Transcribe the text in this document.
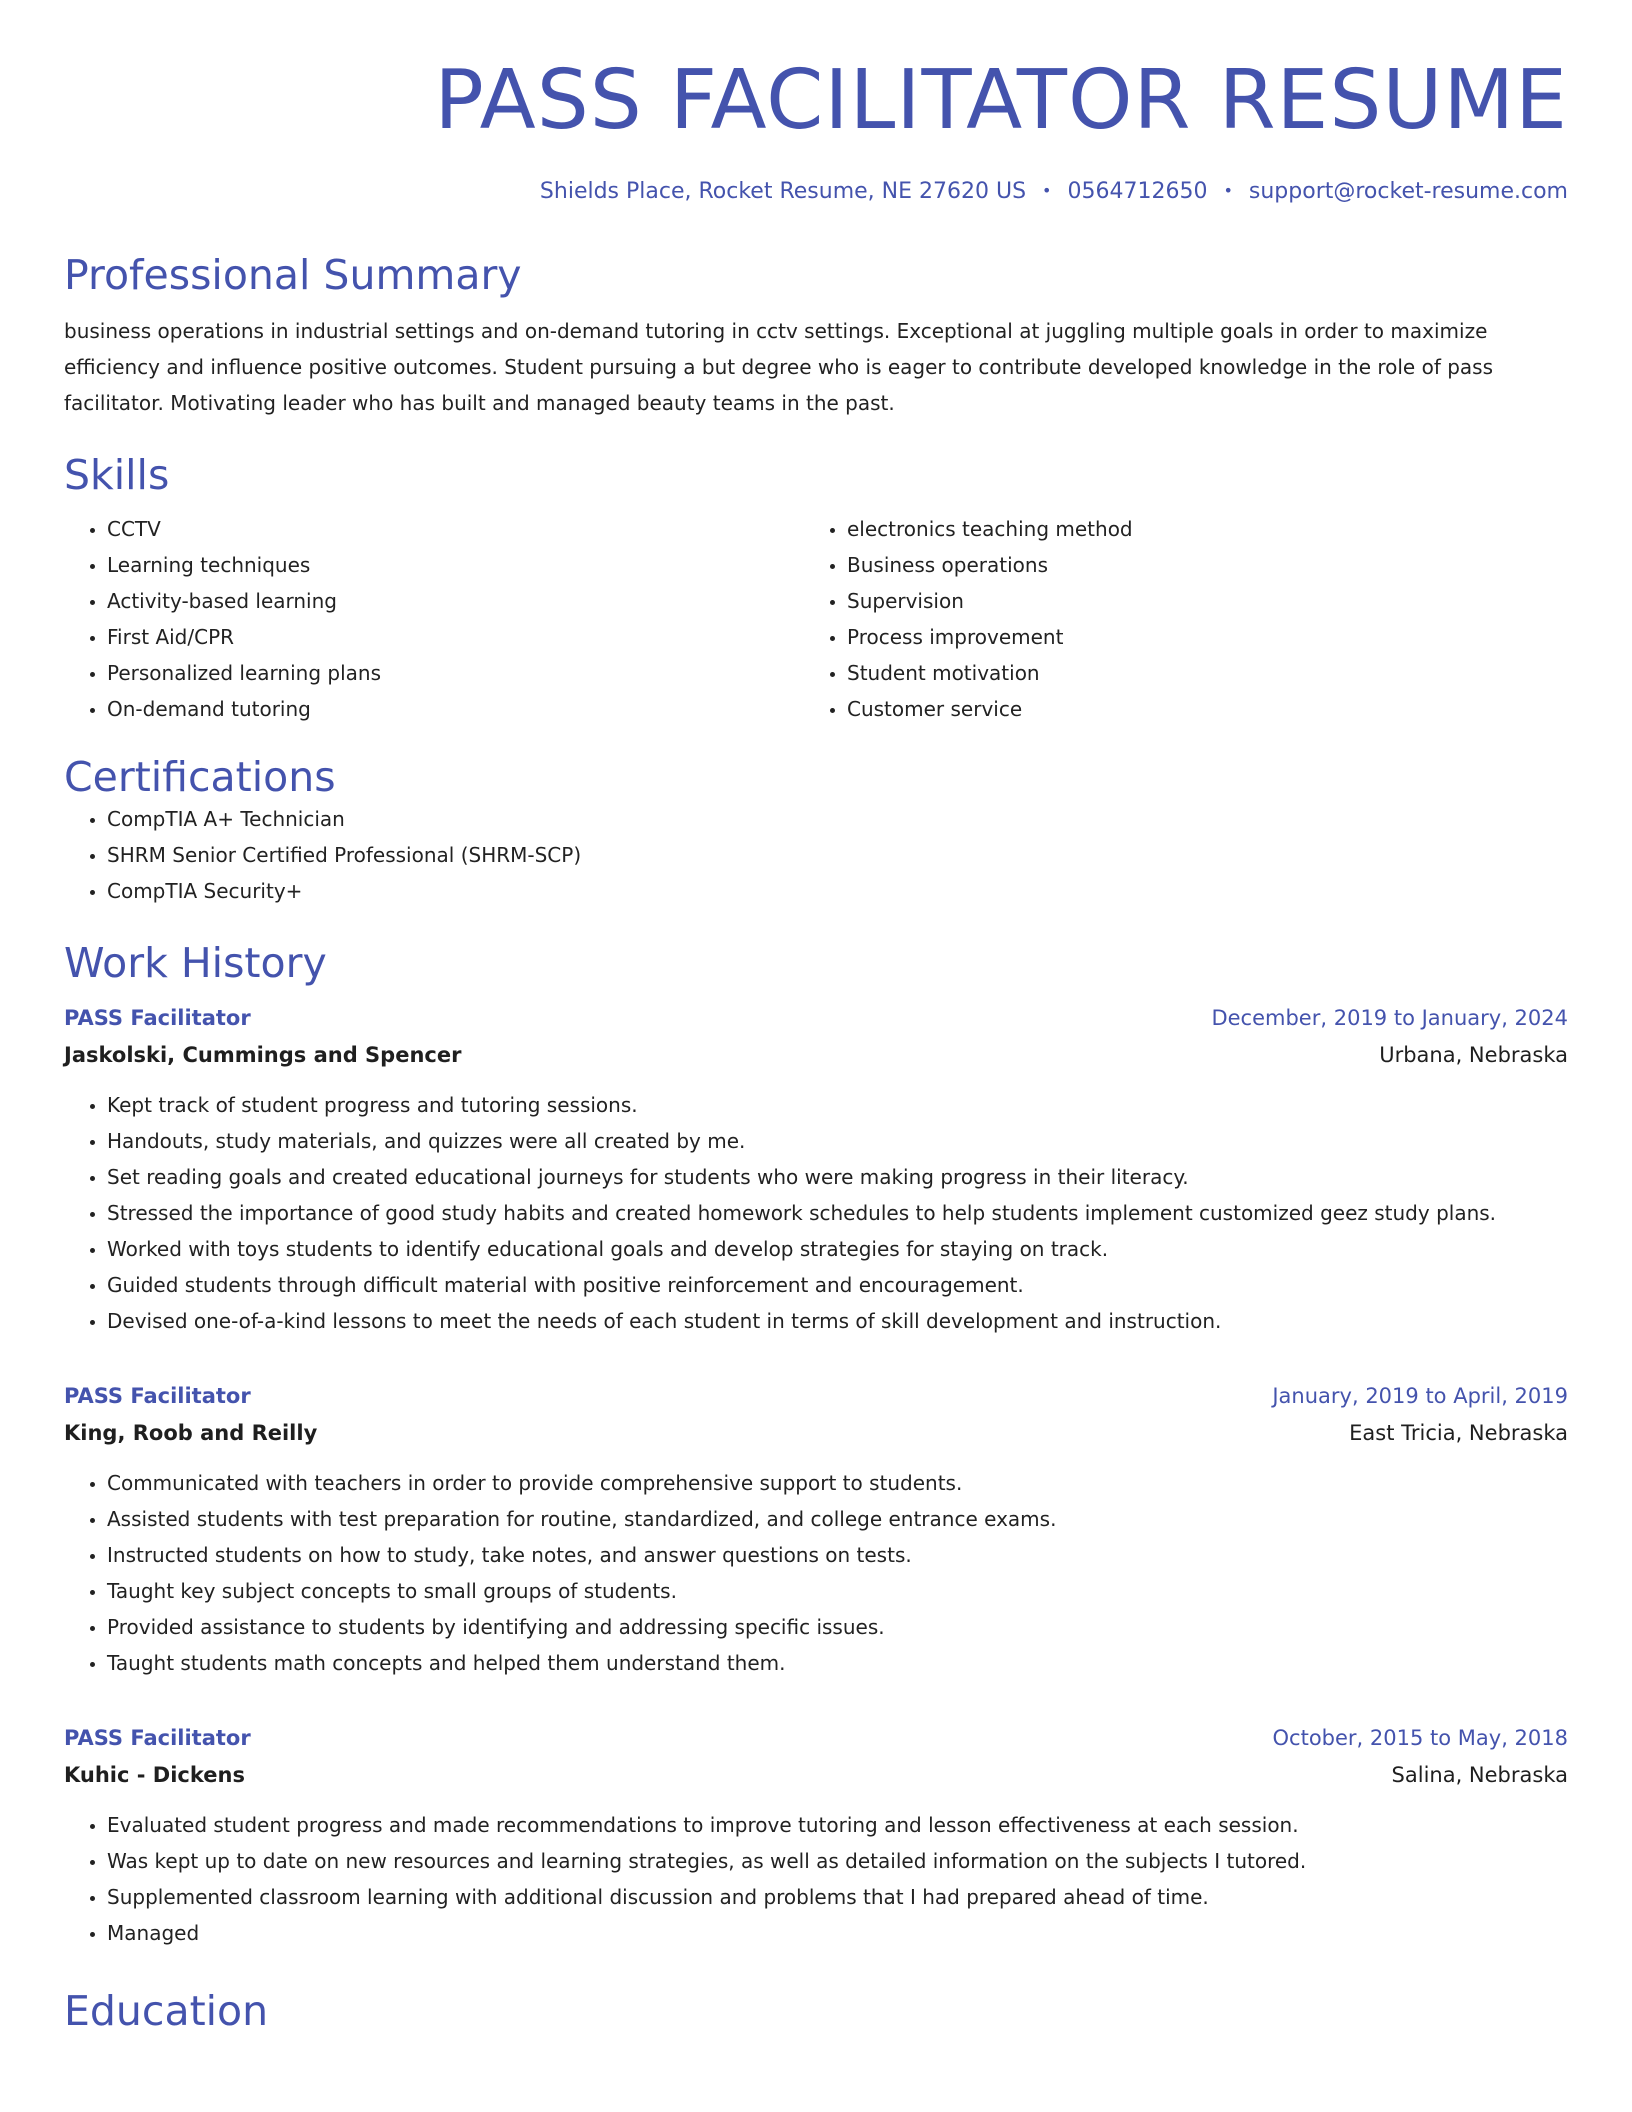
PASS FACILITATOR RESUME
Shields Place, Rocket Resume, NE 27620 US • 0564712650 • support@rocket-resume.com
Professional Summary

business operations in industrial settings and on-demand tutoring in cctv settings. Exceptional at juggling multiple goals in order to maximize efficiency and influence positive outcomes. Student pursuing a but degree who is eager to contribute developed knowledge in the role of pass facilitator. Motivating leader who has built and managed beauty teams in the past.

Skills
• CCTV
• Learning techniques
• Activity-based learning
• First Aid/CPR
• Personalized learning plans
• On-demand tutoring
• electronics teaching method
• Business operations
• Supervision
• Process improvement
• Student motivation
• Customer service
Certifications
• CompTIA A+ Technician
• SHRM Senior Certified Professional (SHRM-SCP)
• CompTIA Security+
Work History
PASS Facilitator	December, 2019 to January, 2024
Jaskolski, Cummings and Spencer	Urbana, Nebraska
• Kept track of student progress and tutoring sessions.
• Handouts, study materials, and quizzes were all created by me.
• Set reading goals and created educational journeys for students who were making progress in their literacy.
• Stressed the importance of good study habits and created homework schedules to help students implement customized geez study plans.
• Worked with toys students to identify educational goals and develop strategies for staying on track.
• Guided students through difficult material with positive reinforcement and encouragement.
• Devised one-of-a-kind lessons to meet the needs of each student in terms of skill development and instruction.
PASS Facilitator	January, 2019 to April, 2019
King, Roob and Reilly	East Tricia, Nebraska
• Communicated with teachers in order to provide comprehensive support to students.
• Assisted students with test preparation for routine, standardized, and college entrance exams.
• Instructed students on how to study, take notes, and answer questions on tests.
• Taught key subject concepts to small groups of students.
• Provided assistance to students by identifying and addressing specific issues.
• Taught students math concepts and helped them understand them.
PASS Facilitator	October, 2015 to May, 2018
Kuhic - Dickens	Salina, Nebraska
• Evaluated student progress and made recommendations to improve tutoring and lesson effectiveness at each session.
• Was kept up to date on new resources and learning strategies, as well as detailed information on the subjects I tutored.
• Supplemented classroom learning with additional discussion and problems that I had prepared ahead of time.
• Managed
Education
